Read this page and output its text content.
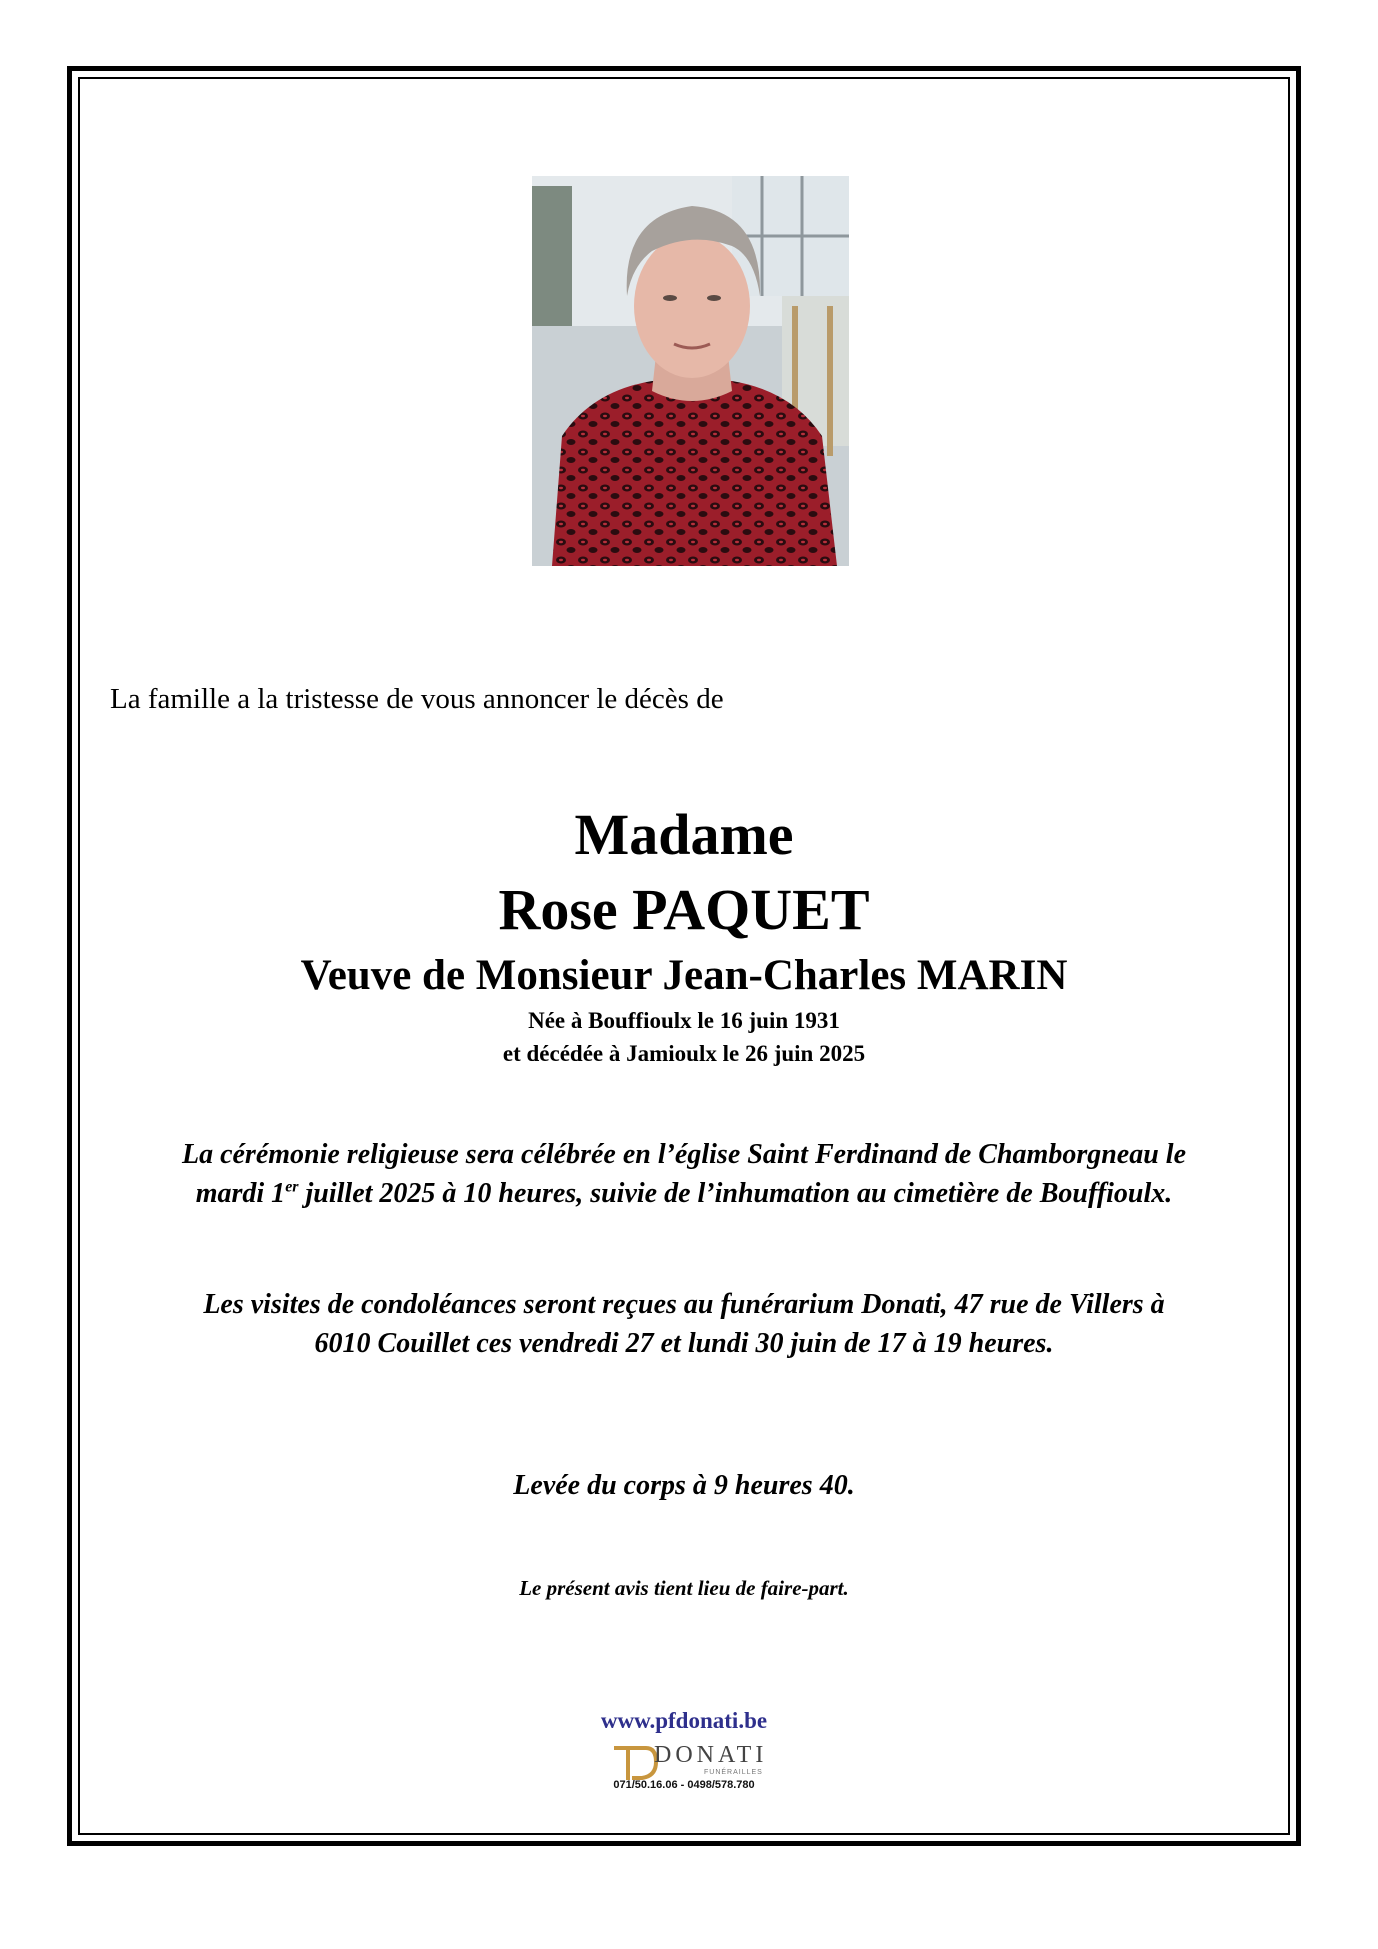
La famille a la tristesse de vous annoncer le décès de
Madame
Rose PAQUET
Veuve de Monsieur Jean-Charles MARIN
Née à Bouffioulx le 16 juin 1931
et décédée à Jamioulx le 26 juin 2025
La cérémonie religieuse sera célébrée en l’église Saint Ferdinand de Chamborgneau le
mardi 1er juillet 2025 à 10 heures, suivie de l’inhumation au cimetière de Bouffioulx.
Les visites de condoléances seront reçues au funérarium Donati, 47 rue de Villers à
6010 Couillet ces vendredi 27 et lundi 30 juin de 17 à 19 heures.
Levée du corps à 9 heures 40.
Le présent avis tient lieu de faire-part.
www.pfdonati.be
DONATI
FUNÉRAILLES
071/50.16.06 - 0498/578.780
